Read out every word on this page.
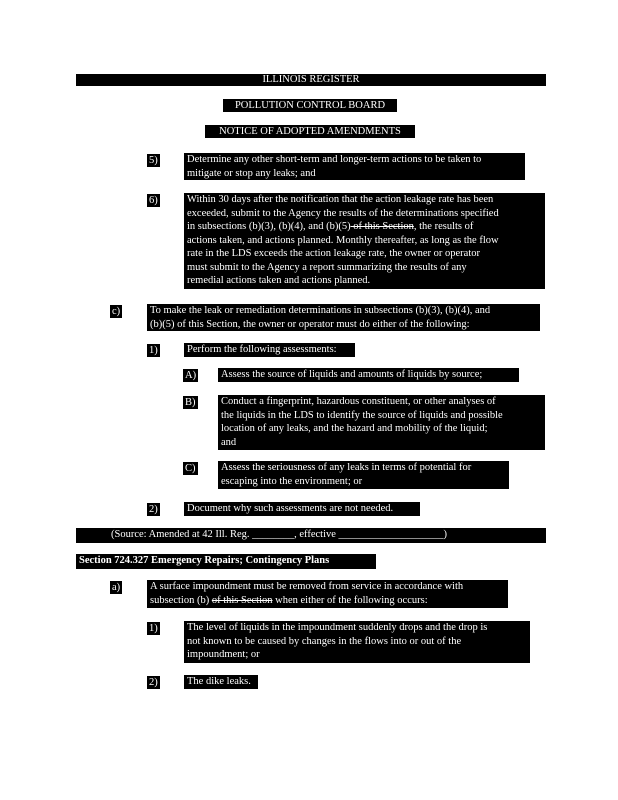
ILLINOIS REGISTER
POLLUTION CONTROL BOARD
NOTICE OF ADOPTED AMENDMENTS
5)	Determine any other short-term and longer-term actions to be taken to
mitigate or stop any leaks; and
6)	Within 30 days after the notification that the action leakage rate has been
exceeded, submit to the Agency the results of the determinations specified
in subsections (b)(3), (b)(4), and (b)(5) of this Section, the results of
actions taken, and actions planned. Monthly thereafter, as long as the flow
rate in the LDS exceeds the action leakage rate, the owner or operator
must submit to the Agency a report summarizing the results of any
remedial actions taken and actions planned.
c)	To make the leak or remediation determinations in subsections (b)(3), (b)(4), and
(b)(5) of this Section, the owner or operator must do either of the following:
1)	Perform the following assessments:
A) Assess the source of liquids and amounts of liquids by source;
B) Conduct a fingerprint, hazardous constituent, or other analyses of
the liquids in the LDS to identify the source of liquids and possible
location of any leaks, and the hazard and mobility of the liquid;
and
C) Assess the seriousness of any leaks in terms of potential for
escaping into the environment; or
2)	Document why such assessments are not needed.
(Source: Amended at 42 Ill. Reg. ________, effective ____________________)
Section 724.327 Emergency Repairs; Contingency Plans
a)	A surface impoundment must be removed from service in accordance with
subsection (b) of this Section when either of the following occurs:
1)	The level of liquids in the impoundment suddenly drops and the drop is
not known to be caused by changes in the flows into or out of the
impoundment; or
2)	The dike leaks.
